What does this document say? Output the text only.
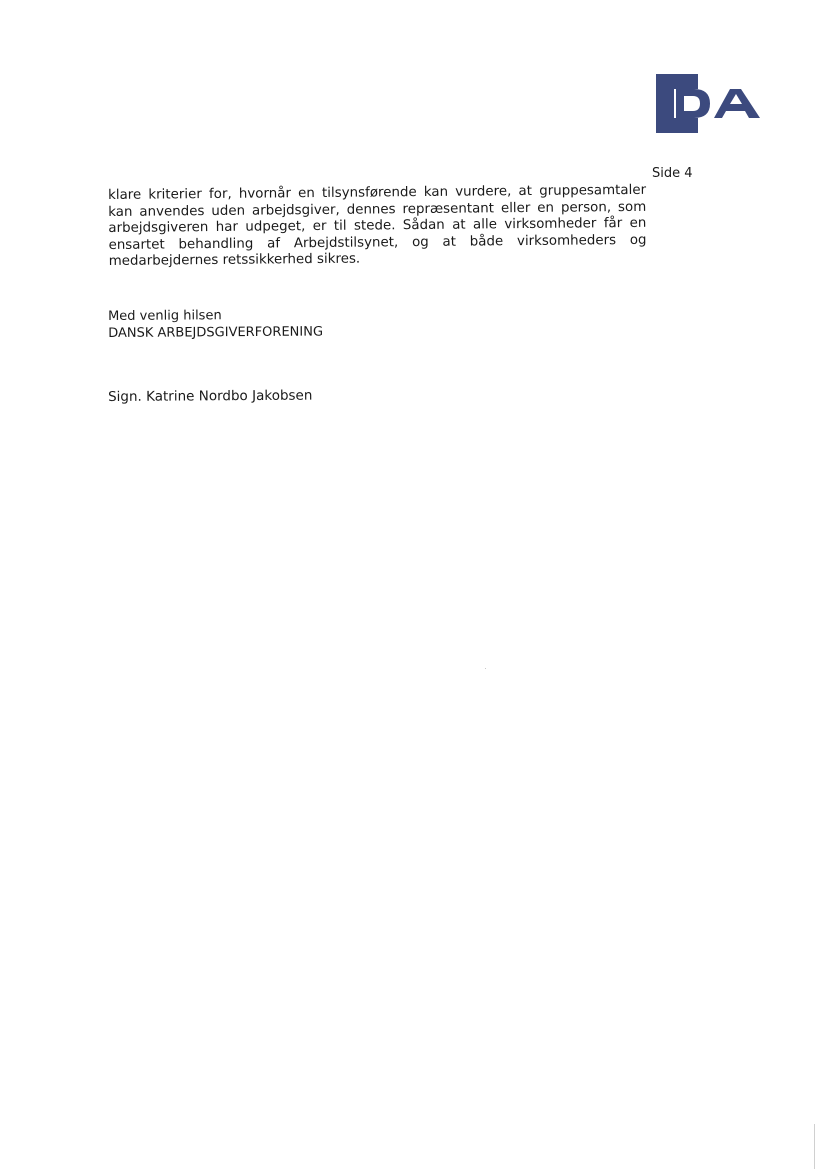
Side 4

klare kriterier for, hvornår en tilsynsførende kan vurdere, at gruppesamtaler kan anvendes uden arbejdsgiver, dennes repræsentant eller en person, som arbejdsgiveren har udpeget, er til stede. Sådan at alle virksomheder får en ensartet behandling af Arbejdstilsynet, og at både virksomheders og medarbejdernes retssikkerhed sikres.

Med venlig hilsen
DANSK ARBEJDSGIVERFORENING
Sign. Katrine Nordbo Jakobsen
